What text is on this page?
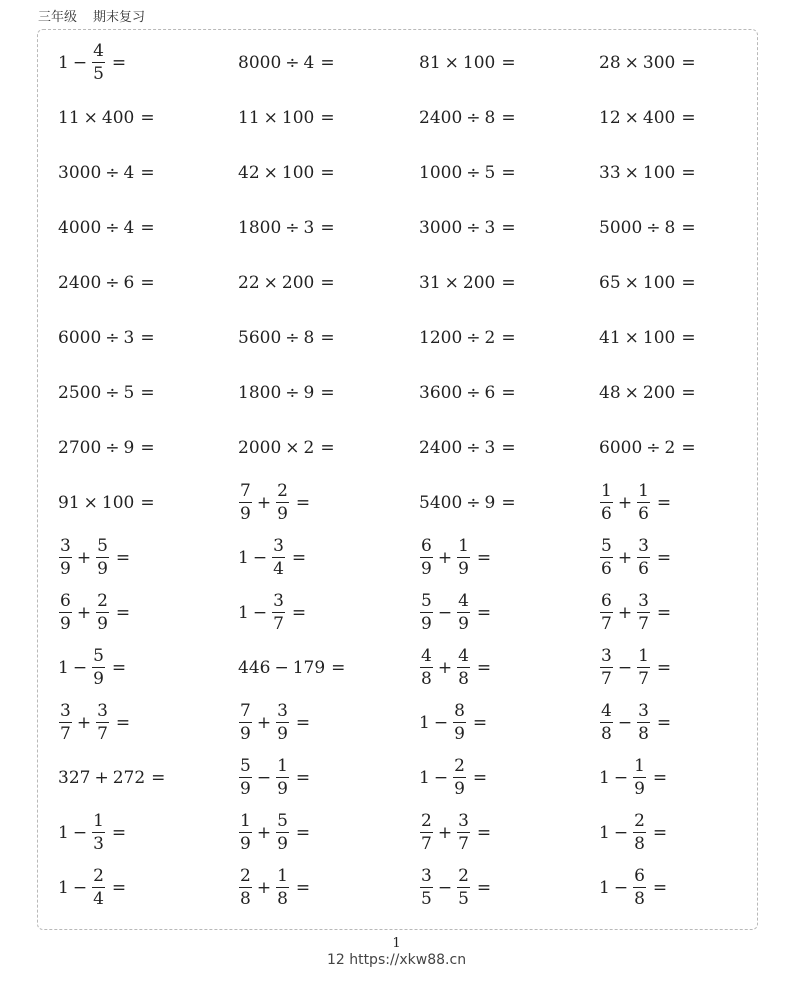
三年级 期末复习
$1 - \frac{4}{5}$ =	8000 ÷ 4 =	81 × 100 =	28 × 300 =
11 × 400 =	11 × 100 =	2400 ÷ 8 =	12 × 400 =
3000 ÷ 4 =	42 × 100 =	1000 ÷ 5 =	33 × 100 =
4000 ÷ 4 =	1800 ÷ 3 =	3000 ÷ 3 =	5000 ÷ 8 =
2400 ÷ 6 =	22 × 200 =	31 × 200 =	65 × 100 =
6000 ÷ 3 =	5600 ÷ 8 =	1200 ÷ 2 =	41 × 100 =
2500 ÷ 5 =	1800 ÷ 9 =	3600 ÷ 6 =	48 × 200 =
2700 ÷ 9 =	2000 × 2 =	2400 ÷ 3 =	6000 ÷ 2 =
91 × 100 =	$\frac{7}{9} + \frac{2}{9}$ =	5400 ÷ 9 =	$\frac{1}{6} + \frac{1}{6}$ =
$\frac{3}{9} + \frac{5}{9}$ =	$1 - \frac{3}{4}$ =	$\frac{6}{9} + \frac{1}{9}$ =	$\frac{5}{6} + \frac{3}{6}$ =
$\frac{6}{9} + \frac{2}{9}$ =	$1 - \frac{3}{7}$ =	$\frac{5}{9} - \frac{4}{9}$ =	$\frac{6}{7} + \frac{3}{7}$ =
$1 - \frac{5}{9}$ =	446 − 179 =	$\frac{4}{8} + \frac{4}{8}$ =	$\frac{3}{7} - \frac{1}{7}$ =
$\frac{3}{7} + \frac{3}{7}$ =	$\frac{7}{9} + \frac{3}{9}$ =	$1 - \frac{8}{9}$ =	$\frac{4}{8} - \frac{3}{8}$ =
327 + 272 =	$\frac{5}{9} - \frac{1}{9}$ =	$1 - \frac{2}{9}$ =	$1 - \frac{1}{9}$ =
$1 - \frac{1}{3}$ =	$\frac{1}{9} + \frac{5}{9}$ =	$\frac{2}{7} + \frac{3}{7}$ =	$1 - \frac{2}{8}$ =
$1 - \frac{2}{4}$ =	$\frac{2}{8} + \frac{1}{8}$ =	$\frac{3}{5} - \frac{2}{5}$ =	$1 - \frac{6}{8}$ =
1
12 https://xkw88.cn
